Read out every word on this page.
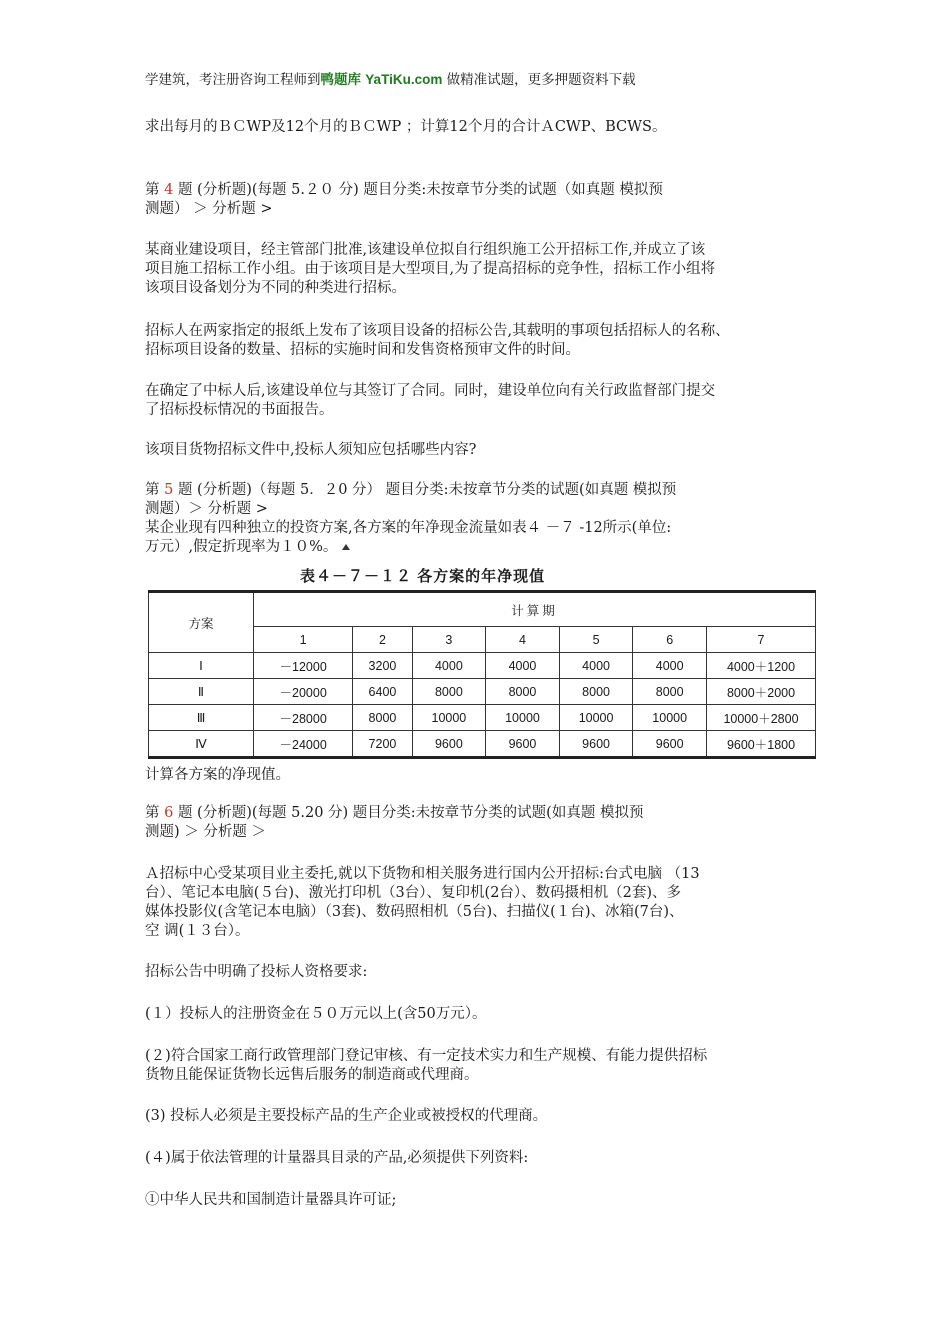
学建筑，考注册咨询工程师到鸭题库 YaTiKu.com 做精准试题，更多押题资料下载
求出每月的ＢＣWP及12个月的ＢＣWP ；计算12个月的合计ＡCWP、BCWS。
第 4 题 (分析题)(每题 5.２０ 分) 题目分类:未按章节分类的试题（如真题 模拟预
测题） ＞ 分析题 >
某商业建设项目，经主管部门批准,该建设单位拟自行组织施工公开招标工作,并成立了该
项目施工招标工作小组。由于该项目是大型项目,为了提高招标的竞争性，招标工作小组将
该项目设备划分为不同的种类进行招标。
招标人在两家指定的报纸上发布了该项目设备的招标公告,其载明的事项包括招标人的名称、
招标项目设备的数量、招标的实施时间和发售资格预审文件的时间。
在确定了中标人后,该建设单位与其签订了合同。同时，建设单位向有关行政监督部门提交
了招标投标情况的书面报告。
该项目货物招标文件中,投标人须知应包括哪些内容?
第 5 题 (分析题)（每题 5．２0 分） 题目分类:未按章节分类的试题(如真题 模拟预
测题）＞ 分析题 >
某企业现有四种独立的投资方案,各方案的年净现金流量如表４ －７ -12所示(单位:
万元）,假定折现率为１０%。
表４－７－１２ 各方案的年净现值
方案	计算期						
	1	2	3	4	5	6	7
Ⅰ	－12000	3200	4000	4000	4000	4000	4000＋1200
Ⅱ	－20000	6400	8000	8000	8000	8000	8000＋2000
Ⅲ	－28000	8000	10000	10000	10000	10000	10000＋2800
Ⅳ	－24000	7200	9600	9600	9600	9600	9600＋1800
计算各方案的净现值。
第 6 题 (分析题)(每题 5.20 分) 题目分类:未按章节分类的试题(如真题 模拟预
测题) ＞ 分析题 ＞
Ａ招标中心受某项目业主委托,就以下货物和相关服务进行国内公开招标:台式电脑 （13
台）、笔记本电脑(５台)、激光打印机（3台）、复印机(2台）、数码摄相机（2套)、多
媒体投影仪(含笔记本电脑）（3套)、数码照相机（5台)、扫描仪(１台)、冰箱(7台)、
空 调(１３台）。
招标公告中明确了投标人资格要求:
(１）投标人的注册资金在５０万元以上(含50万元）。
(２)符合国家工商行政管理部门登记审核、有一定技术实力和生产规模、有能力提供招标
货物且能保证货物长远售后服务的制造商或代理商。
(3) 投标人必须是主要投标产品的生产企业或被授权的代理商。
(４)属于依法管理的计量器具目录的产品,必须提供下列资料:
①中华人民共和国制造计量器具许可证;
